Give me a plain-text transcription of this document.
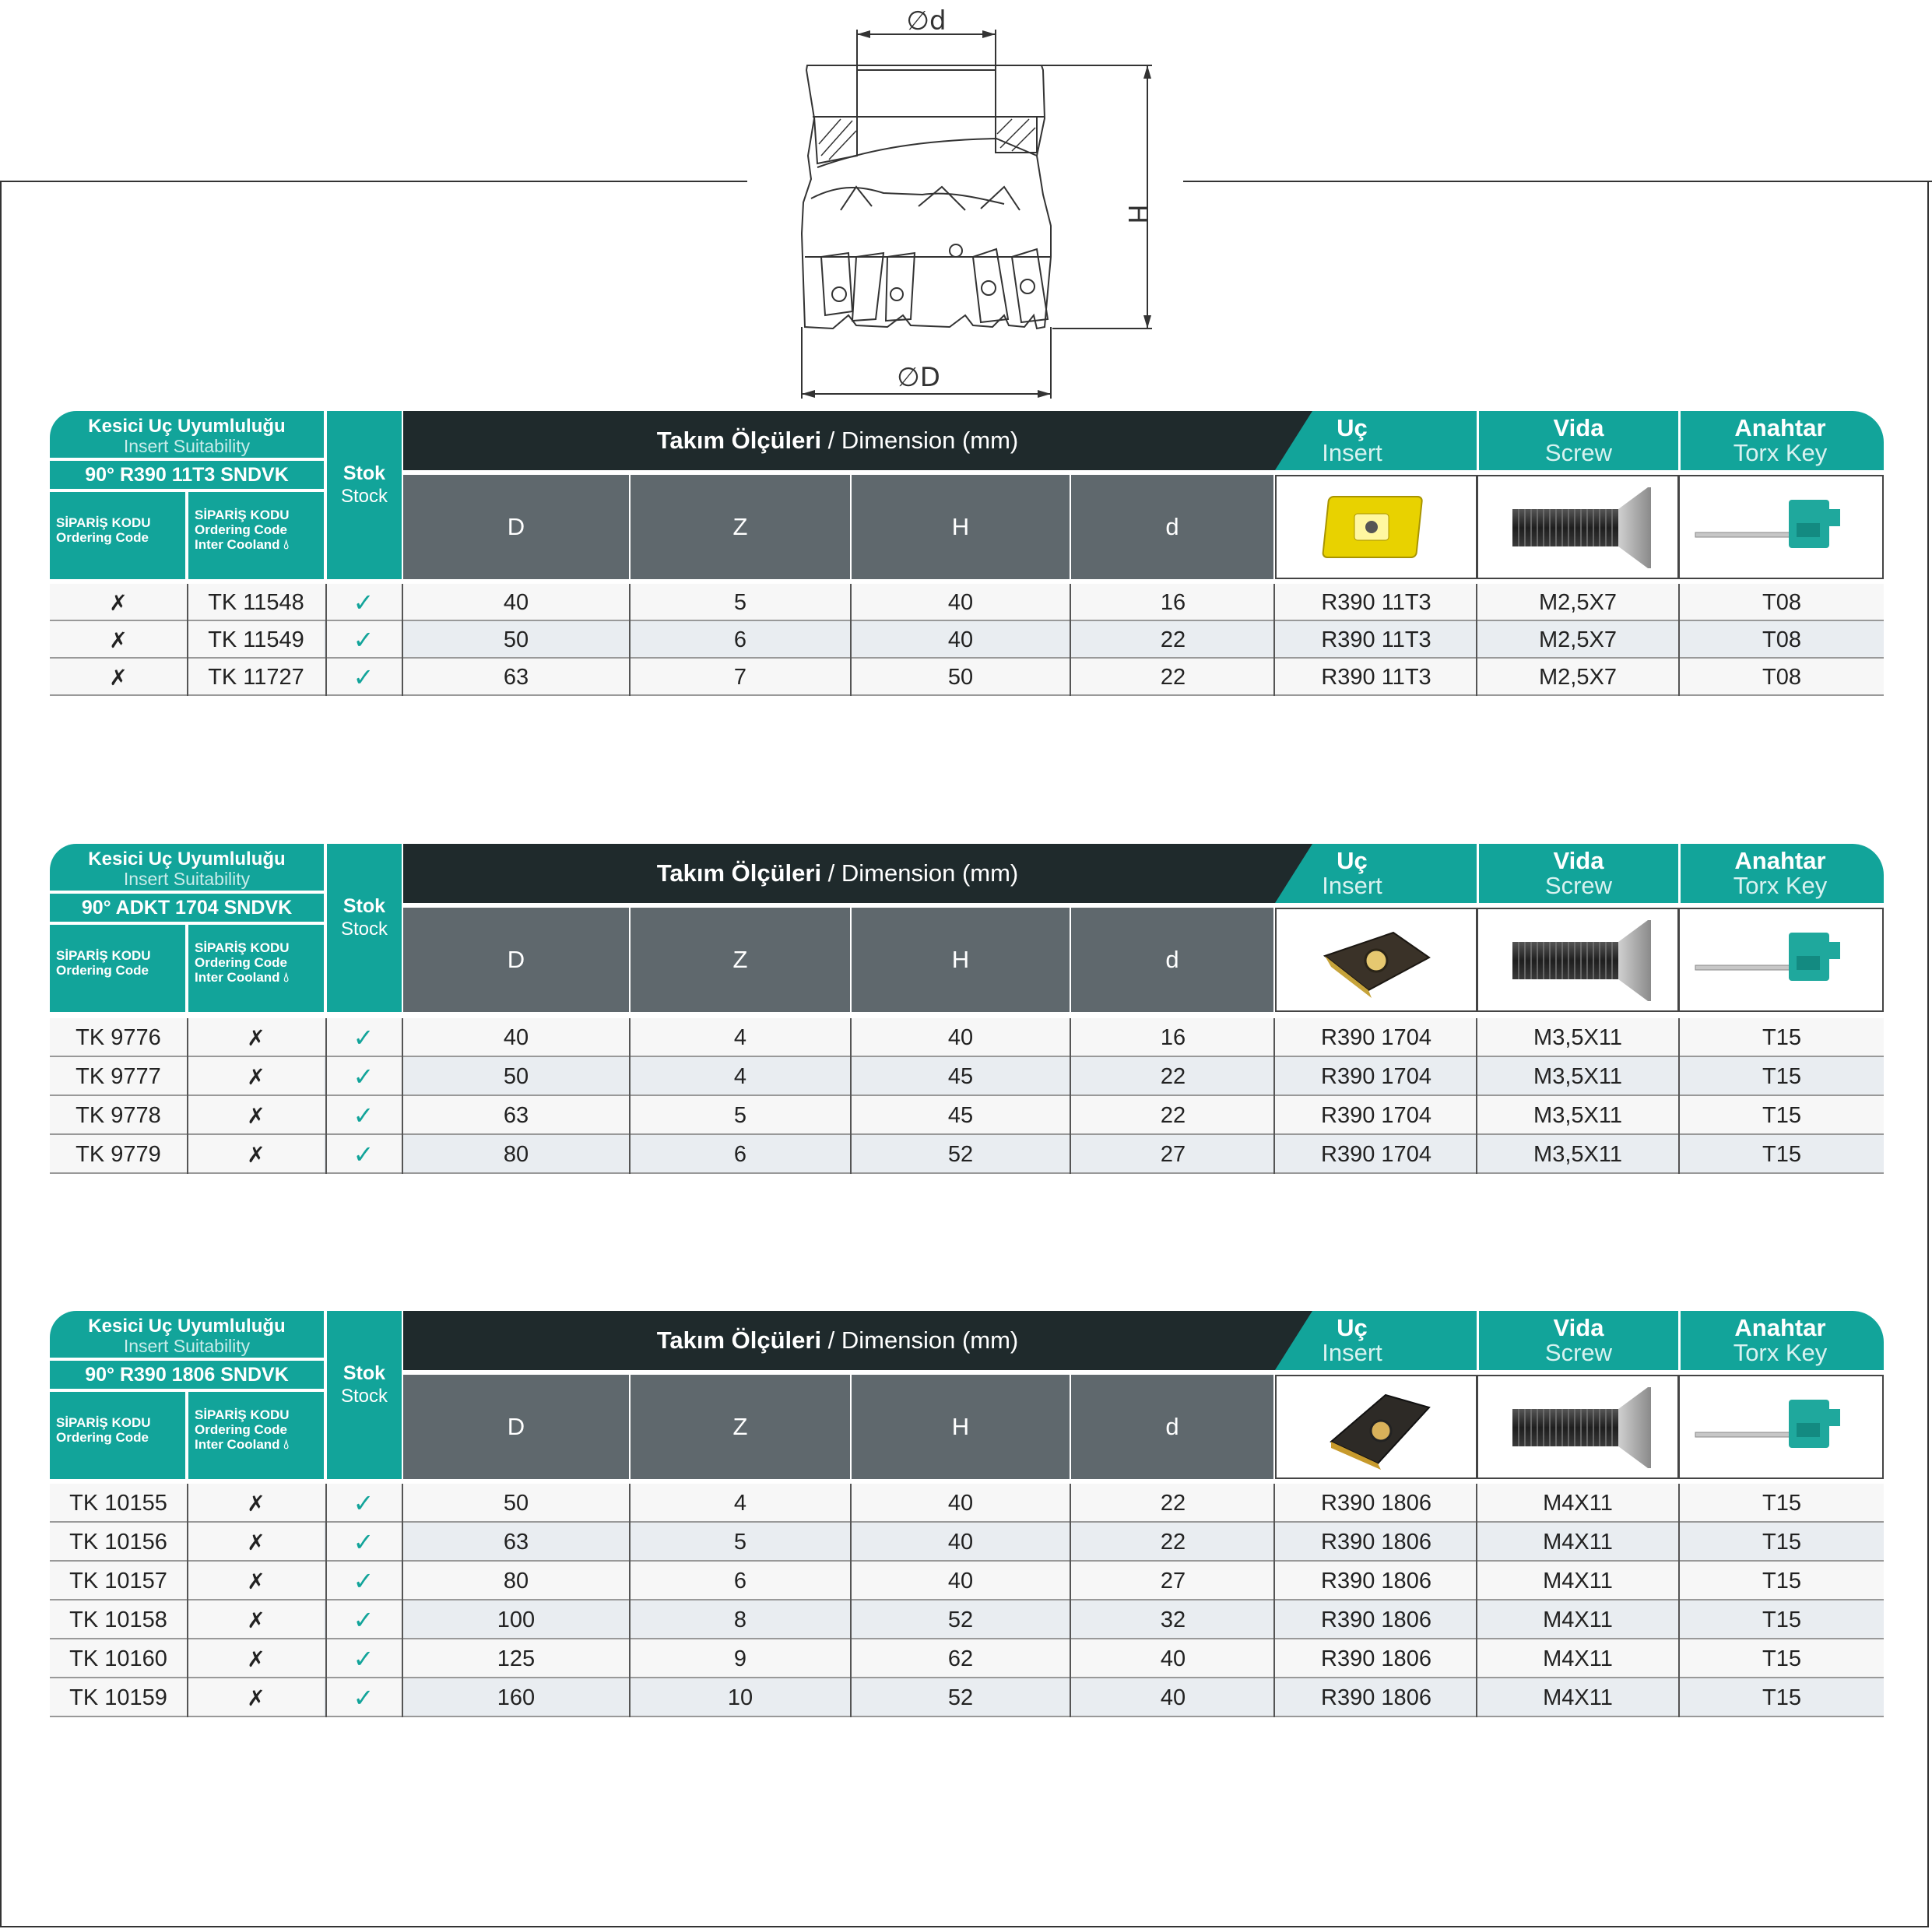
∅d
H
∅D
Kesici Uç Uyumluluğu
Insert Suitability
90° R390 11T3 SNDVK
SİPARİŞ KODU
Ordering Code
SİPARİŞ KODU
Ordering Code
Inter Cooland 💧︎
Stok
Stock
Takım Ölçüleri / Dimension (mm)	Uç
Insert
Vida
Screw
Anahtar
Torx Key
D	Z	H	d
✗	TK 11548	✓	40	5	40	16	R390 11T3	M2,5X7	T08
✗	TK 11549	✓	50	6	40	22	R390 11T3	M2,5X7	T08
✗	TK 11727	✓	63	7	50	22	R390 11T3	M2,5X7	T08
Kesici Uç Uyumluluğu
Insert Suitability
90° ADKT 1704 SNDVK
SİPARİŞ KODU
Ordering Code
SİPARİŞ KODU
Ordering Code
Inter Cooland 💧︎
Stok
Stock
Takım Ölçüleri / Dimension (mm)	Uç
Insert
Vida
Screw
Anahtar
Torx Key
D	Z	H	d
TK 9776	✗	✓	40	4	40	16	R390 1704	M3,5X11	T15
TK 9777	✗	✓	50	4	45	22	R390 1704	M3,5X11	T15
TK 9778	✗	✓	63	5	45	22	R390 1704	M3,5X11	T15
TK 9779	✗	✓	80	6	52	27	R390 1704	M3,5X11	T15
Kesici Uç Uyumluluğu
Insert Suitability
90° R390 1806 SNDVK
SİPARİŞ KODU
Ordering Code
SİPARİŞ KODU
Ordering Code
Inter Cooland 💧︎
Stok
Stock
Takım Ölçüleri / Dimension (mm)	Uç
Insert
Vida
Screw
Anahtar
Torx Key
D	Z	H	d
TK 10155	✗	✓	50	4	40	22	R390 1806	M4X11	T15
TK 10156	✗	✓	63	5	40	22	R390 1806	M4X11	T15
TK 10157	✗	✓	80	6	40	27	R390 1806	M4X11	T15
TK 10158	✗	✓	100	8	52	32	R390 1806	M4X11	T15
TK 10160	✗	✓	125	9	62	40	R390 1806	M4X11	T15
TK 10159	✗	✓	160	10	52	40	R390 1806	M4X11	T15
